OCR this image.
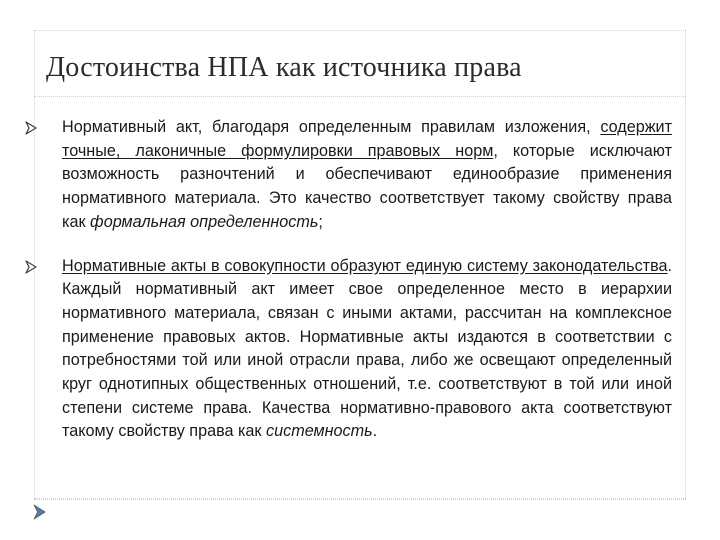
Достоинства НПА как источника права
Нормативный акт, благодаря определенным правилам изложения, содержит точные, лаконичные формулировки правовых норм, которые исключают возможность разночтений и обеспечивают единообразие применения нормативного материала. Это качество соответствует такому свойству права как формальная определенность;
Нормативные акты в совокупности образуют единую систему законодательства. Каждый нормативный акт имеет свое определенное место в иерархии нормативного материала, связан с иными актами, рассчитан на комплексное применение правовых актов. Нормативные акты издаются в соответствии с потребностями той или иной отрасли права, либо же освещают определенный круг однотипных общественных отношений, т.е. соответствуют в той или иной степени системе права. Качества нормативно-правового акта соответствуют такому свойству права как системность.
